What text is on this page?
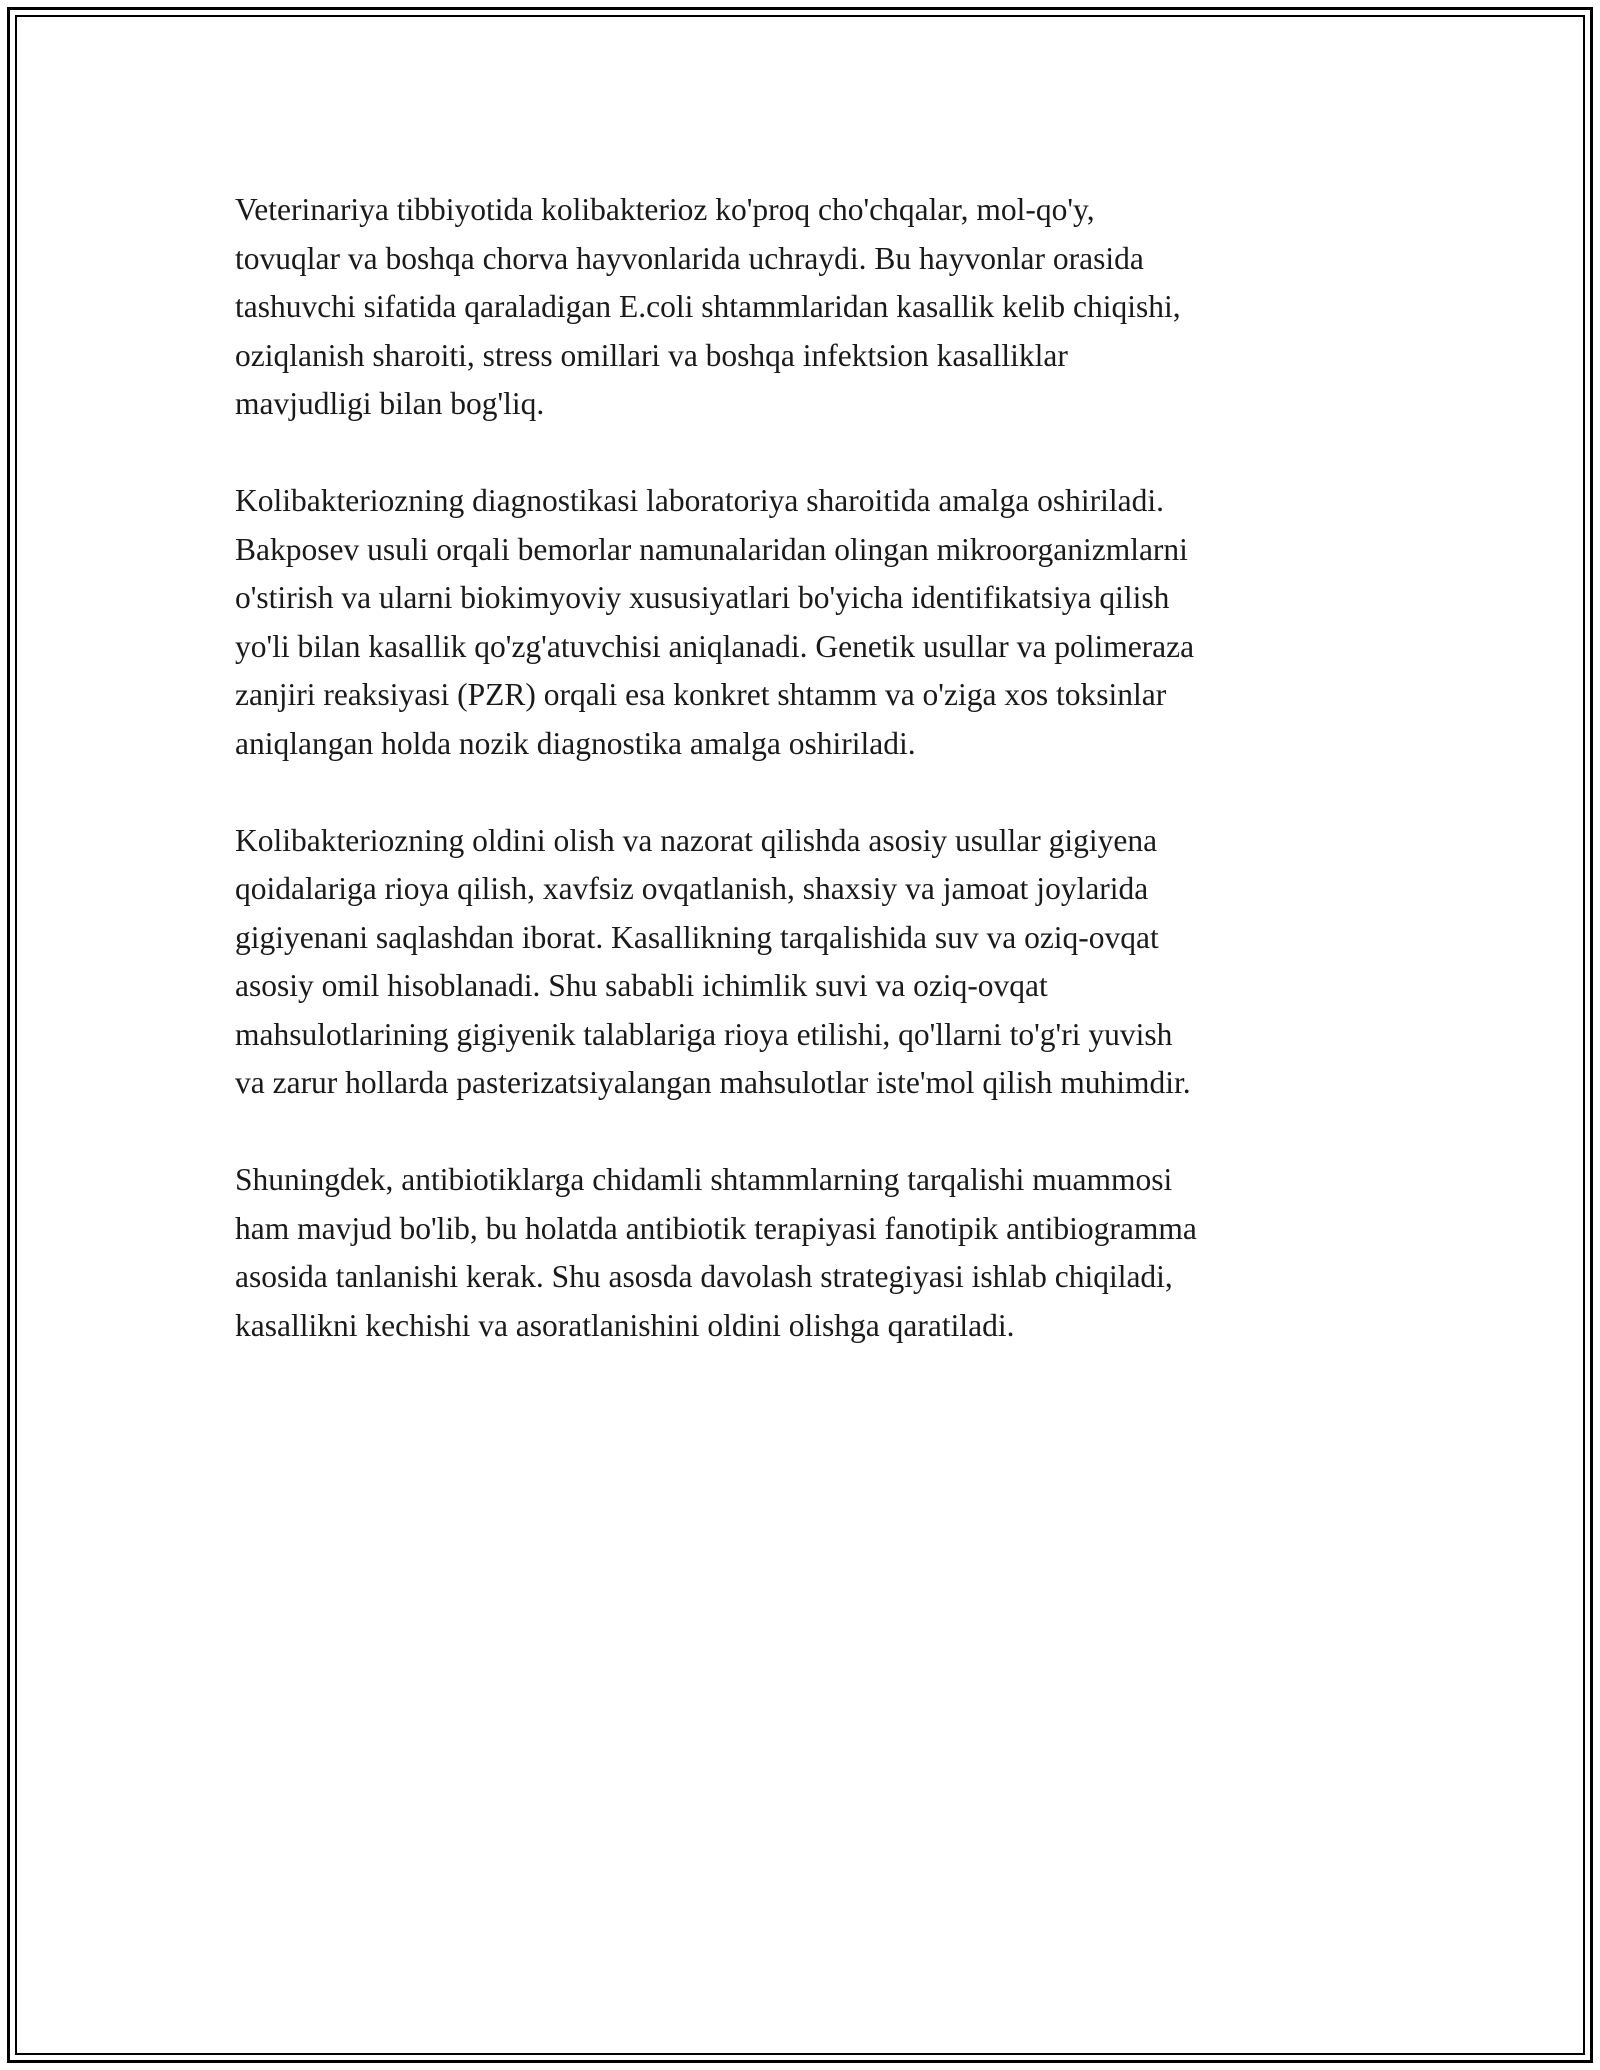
Veterinariya tibbiyotida kolibakterioz ko'proq cho'chqalar, mol-qo'y,
tovuqlar va boshqa chorva hayvonlarida uchraydi. Bu hayvonlar orasida
tashuvchi sifatida qaraladigan E.coli shtammlaridan kasallik kelib chiqishi,
oziqlanish sharoiti, stress omillari va boshqa infektsion kasalliklar
mavjudligi bilan bog'liq.

Kolibakteriozning diagnostikasi laboratoriya sharoitida amalga oshiriladi.
Bakposev usuli orqali bemorlar namunalaridan olingan mikroorganizmlarni
o'stirish va ularni biokimyoviy xususiyatlari bo'yicha identifikatsiya qilish
yo'li bilan kasallik qo'zg'atuvchisi aniqlanadi. Genetik usullar va polimeraza
zanjiri reaksiyasi (PZR) orqali esa konkret shtamm va o'ziga xos toksinlar
aniqlangan holda nozik diagnostika amalga oshiriladi.

Kolibakteriozning oldini olish va nazorat qilishda asosiy usullar gigiyena
qoidalariga rioya qilish, xavfsiz ovqatlanish, shaxsiy va jamoat joylarida
gigiyenani saqlashdan iborat. Kasallikning tarqalishida suv va oziq-ovqat
asosiy omil hisoblanadi. Shu sababli ichimlik suvi va oziq-ovqat
mahsulotlarining gigiyenik talablariga rioya etilishi, qo'llarni to'g'ri yuvish
va zarur hollarda pasterizatsiyalangan mahsulotlar iste'mol qilish muhimdir.

Shuningdek, antibiotiklarga chidamli shtammlarning tarqalishi muammosi
ham mavjud bo'lib, bu holatda antibiotik terapiyasi fanotipik antibiogramma
asosida tanlanishi kerak. Shu asosda davolash strategiyasi ishlab chiqiladi,
kasallikni kechishi va asoratlanishini oldini olishga qaratiladi.
